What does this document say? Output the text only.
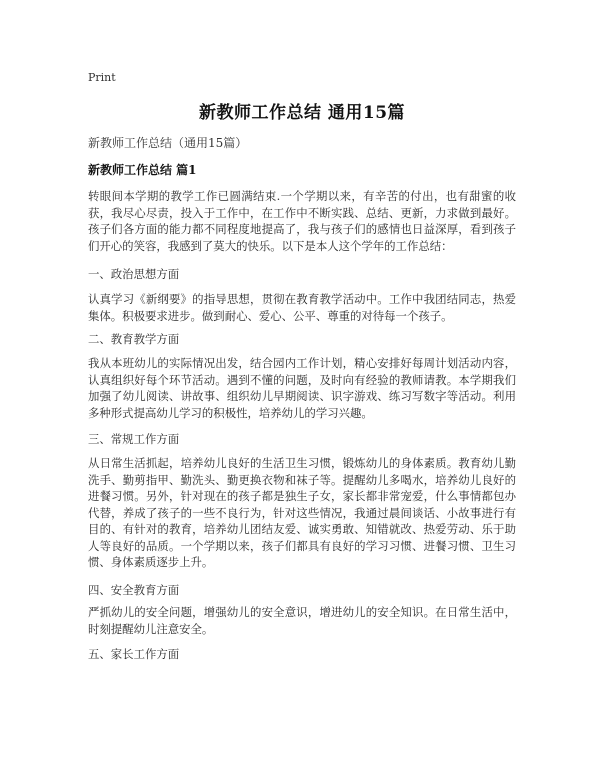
Print
新教师工作总结 通用15篇
新教师工作总结（通用15篇）
新教师工作总结 篇1
转眼间本学期的教学工作已圆满结束.一个学期以来，有辛苦的付出，也有甜蜜的收获，我尽心尽责，投入于工作中，在工作中不断实践、总结、更新，力求做到最好。孩子们各方面的能力都不同程度地提高了，我与孩子们的感情也日益深厚，看到孩子们开心的笑容，我感到了莫大的快乐。以下是本人这个学年的工作总结：
一、政治思想方面
认真学习《新纲要》的指导思想，贯彻在教育教学活动中。工作中我团结同志，热爱集体。积极要求进步。做到耐心、爱心、公平、尊重的对待每一个孩子。
二、教育教学方面
我从本班幼儿的实际情况出发，结合园内工作计划，精心安排好每周计划活动内容，认真组织好每个环节活动。遇到不懂的问题，及时向有经验的教师请教。本学期我们加强了幼儿阅读、讲故事、组织幼儿早期阅读、识字游戏、练习写数字等活动。利用多种形式提高幼儿学习的积极性，培养幼儿的学习兴趣。
三、常规工作方面
从日常生活抓起，培养幼儿良好的生活卫生习惯，锻炼幼儿的身体素质。教育幼儿勤洗手、勤剪指甲、勤洗头、勤更换衣物和袜子等。提醒幼儿多喝水，培养幼儿良好的进餐习惯。另外，针对现在的孩子都是独生子女，家长都非常宠爱，什么事情都包办代替，养成了孩子的一些不良行为，针对这些情况，我通过晨间谈话、小故事进行有目的、有针对的教育，培养幼儿团结友爱、诚实勇敢、知错就改、热爱劳动、乐于助人等良好的品质。一个学期以来，孩子们都具有良好的学习习惯、进餐习惯、卫生习惯、身体素质逐步上升。
四、安全教育方面
严抓幼儿的安全问题，增强幼儿的安全意识，增进幼儿的安全知识。在日常生活中，时刻提醒幼儿注意安全。
五、家长工作方面
